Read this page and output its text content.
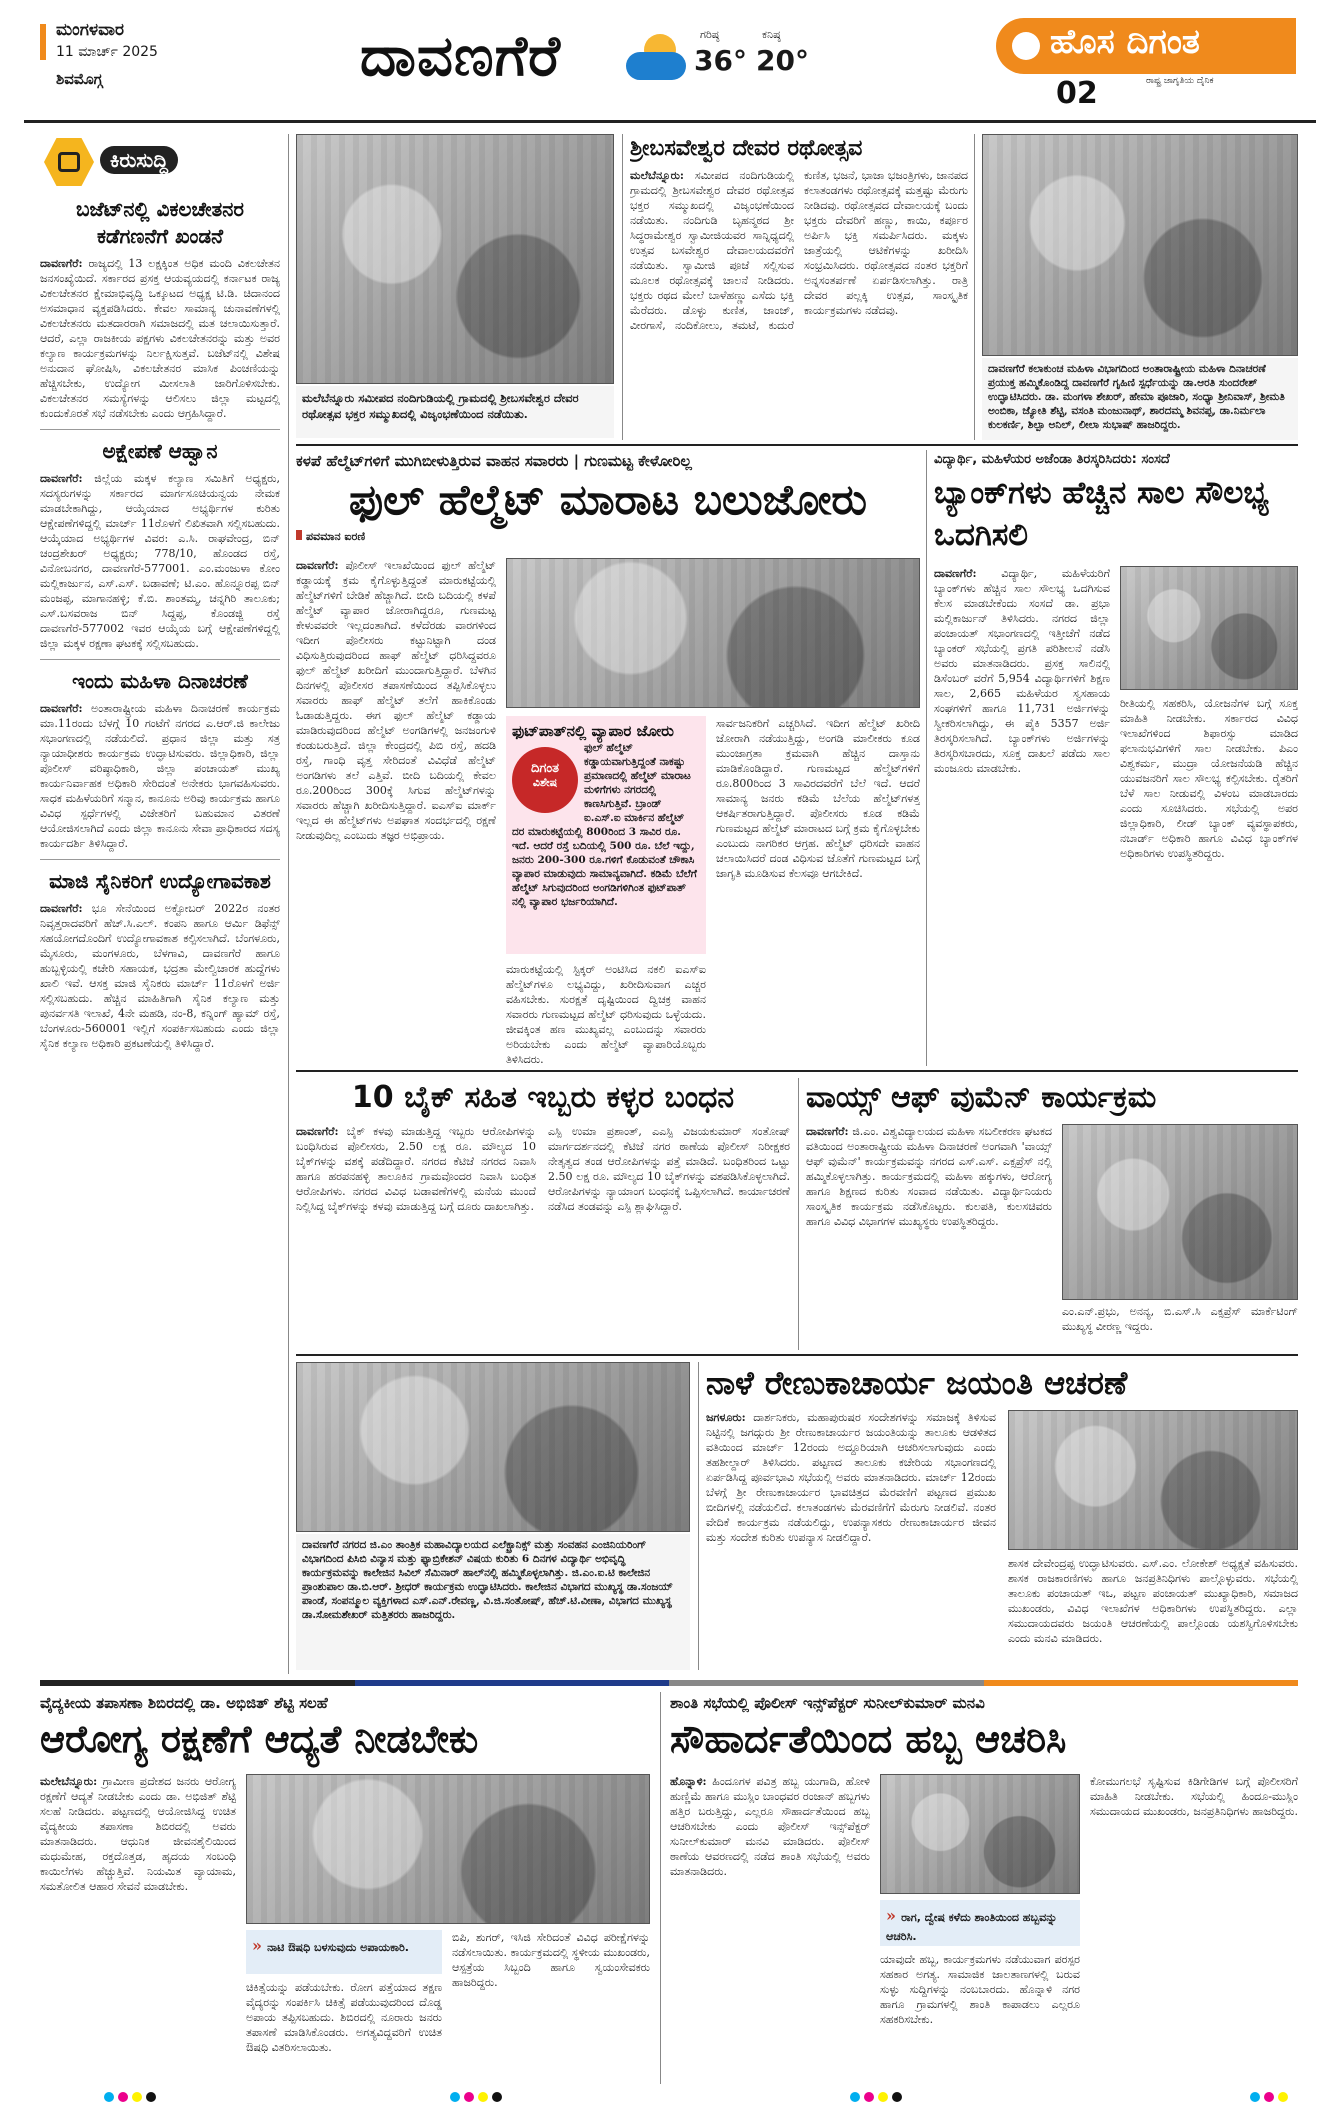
ಮಂಗಳವಾರ
11 ಮಾರ್ಚ್ 2025
ಶಿವಮೊಗ್ಗ	ದಾವಣಗೆರೆ	ಗರಿಷ್ಠ
36°
ಕನಿಷ್ಠ
20°	ಹೊಸ ದಿಗಂತ
ರಾಷ್ಟ್ರ ಜಾಗೃತಿಯ ದೈನಿಕ
02
ಕಿರುಸುದ್ದಿ
ಬಜೆಟ್‌ನಲ್ಲಿ ವಿಕಲಚೇತನರ ಕಡೆಗಣನೆಗೆ ಖಂಡನೆ
ದಾವಣಗೆರೆ: ರಾಜ್ಯದಲ್ಲಿ 13 ಲಕ್ಷಕ್ಕಿಂತ ಅಧಿಕ ಮಂದಿ ವಿಕಲಚೇತನ ಜನಸಂಖ್ಯೆಯಿದೆ. ಸರ್ಕಾರದ ಪ್ರಸಕ್ತ ಆಯವ್ಯಯದಲ್ಲಿ ಕರ್ನಾಟಕ ರಾಜ್ಯ ವಿಕಲಚೇತನರ ಕ್ಷೇಮಾಭಿವೃದ್ಧಿ ಒಕ್ಕೂಟದ ಅಧ್ಯಕ್ಷ ಟಿ.ಡಿ. ಚಿದಾನಂದ ಅಸಮಾಧಾನ ವ್ಯಕ್ತಪಡಿಸಿದರು. ಕೇವಲ ಸಾಮಾನ್ಯ ಚುನಾವಣೆಗಳಲ್ಲಿ ವಿಕಲಚೇತನರು ಮತದಾರರಾಗಿ ಸಮಾಜದಲ್ಲಿ ಮತ ಚಲಾಯಿಸುತ್ತಾರೆ. ಆದರೆ, ಎಲ್ಲಾ ರಾಜಕೀಯ ಪಕ್ಷಗಳು ವಿಕಲಚೇತನರನ್ನು ಮತ್ತು ಅವರ ಕಲ್ಯಾಣ ಕಾರ್ಯಕ್ರಮಗಳನ್ನು ನಿರ್ಲಕ್ಷಿಸುತ್ತವೆ. ಬಜೆಟ್‌ನಲ್ಲಿ ವಿಶೇಷ ಅನುದಾನ ಘೋಷಿಸಿ, ವಿಕಲಚೇತನರ ಮಾಸಿಕ ಪಿಂಚಣಿಯನ್ನು ಹೆಚ್ಚಿಸಬೇಕು, ಉದ್ಯೋಗ ಮೀಸಲಾತಿ ಜಾರಿಗೊಳಿಸಬೇಕು. ವಿಕಲಚೇತನರ ಸಮಸ್ಯೆಗಳನ್ನು ಆಲಿಸಲು ಜಿಲ್ಲಾ ಮಟ್ಟದಲ್ಲಿ ಕುಂದುಕೊರತೆ ಸಭೆ ನಡೆಸಬೇಕು ಎಂದು ಆಗ್ರಹಿಸಿದ್ದಾರೆ.
ಅಕ್ಷೇಪಣೆ ಆಹ್ವಾನ
ದಾವಣಗೆರೆ: ಜಿಲ್ಲೆಯ ಮಕ್ಕಳ ಕಲ್ಯಾಣ ಸಮಿತಿಗೆ ಅಧ್ಯಕ್ಷರು, ಸದಸ್ಯರುಗಳನ್ನು ಸರ್ಕಾರದ ಮಾರ್ಗಸೂಚಿಯನ್ವಯ ನೇಮಕ ಮಾಡಬೇಕಾಗಿದ್ದು, ಆಯ್ಕೆಯಾದ ಅಭ್ಯರ್ಥಿಗಳ ಕುರಿತು ಆಕ್ಷೇಪಣೆಗಳಿದ್ದಲ್ಲಿ ಮಾರ್ಚ್ 11ರೊಳಗೆ ಲಿಖಿತವಾಗಿ ಸಲ್ಲಿಸಬಹುದು. ಆಯ್ಕೆಯಾದ ಅಭ್ಯರ್ಥಿಗಳ ವಿವರ: ಎ.ಸಿ. ರಾಘವೇಂದ್ರ, ಬಿನ್ ಚಂದ್ರಶೇಖರ್ ಅಧ್ಯಕ್ಷರು; 778/10, ಹೊಂಡದ ರಸ್ತೆ, ವಿನೋಬನಗರ, ದಾವಣಗೆರೆ-577001. ಎಂ.ಮಂಜುಳಾ ಕೋಂ ಮಲ್ಲಿಕಾರ್ಜುನ, ಎಸ್.ಎಸ್. ಬಡಾವಣೆ; ಟಿ.ಎಂ. ಹೊನ್ನೂರಪ್ಪ ಬಿನ್ ಮಂಜಪ್ಪ, ಮಾಗಾನಹಳ್ಳಿ; ಕೆ.ಬಿ. ಶಾಂತಮ್ಮ, ಚನ್ನಗಿರಿ ತಾಲೂಕು; ಎಸ್.ಬಸವರಾಜ ಬಿನ್ ಸಿದ್ದಪ್ಪ, ಕೊಂಡಜ್ಜಿ ರಸ್ತೆ ದಾವಣಗೆರೆ-577002 ಇವರ ಆಯ್ಕೆಯ ಬಗ್ಗೆ ಆಕ್ಷೇಪಣೆಗಳಿದ್ದಲ್ಲಿ ಜಿಲ್ಲಾ ಮಕ್ಕಳ ರಕ್ಷಣಾ ಘಟಕಕ್ಕೆ ಸಲ್ಲಿಸಬಹುದು.
ಇಂದು ಮಹಿಳಾ ದಿನಾಚರಣೆ
ದಾವಣಗೆರೆ: ಅಂತಾರಾಷ್ಟ್ರೀಯ ಮಹಿಳಾ ದಿನಾಚರಣೆ ಕಾರ್ಯಕ್ರಮ ಮಾ.11ರಂದು ಬೆಳಗ್ಗೆ 10 ಗಂಟೆಗೆ ನಗರದ ಎ.ಆರ್.ಜಿ ಕಾಲೇಜು ಸಭಾಂಗಣದಲ್ಲಿ ನಡೆಯಲಿದೆ. ಪ್ರಧಾನ ಜಿಲ್ಲಾ ಮತ್ತು ಸತ್ರ ನ್ಯಾಯಾಧೀಶರು ಕಾರ್ಯಕ್ರಮ ಉದ್ಘಾಟಿಸುವರು. ಜಿಲ್ಲಾಧಿಕಾರಿ, ಜಿಲ್ಲಾ ಪೊಲೀಸ್ ವರಿಷ್ಠಾಧಿಕಾರಿ, ಜಿಲ್ಲಾ ಪಂಚಾಯತ್ ಮುಖ್ಯ ಕಾರ್ಯನಿರ್ವಾಹಕ ಅಧಿಕಾರಿ ಸೇರಿದಂತೆ ಅನೇಕರು ಭಾಗವಹಿಸುವರು. ಸಾಧಕ ಮಹಿಳೆಯರಿಗೆ ಸನ್ಮಾನ, ಕಾನೂನು ಅರಿವು ಕಾರ್ಯಕ್ರಮ ಹಾಗೂ ವಿವಿಧ ಸ್ಪರ್ಧೆಗಳಲ್ಲಿ ವಿಜೇತರಿಗೆ ಬಹುಮಾನ ವಿತರಣೆ ಆಯೋಜಿಸಲಾಗಿದೆ ಎಂದು ಜಿಲ್ಲಾ ಕಾನೂನು ಸೇವಾ ಪ್ರಾಧಿಕಾರದ ಸದಸ್ಯ ಕಾರ್ಯದರ್ಶಿ ತಿಳಿಸಿದ್ದಾರೆ.
ಮಾಜಿ ಸೈನಿಕರಿಗೆ ಉದ್ಯೋಗಾವಕಾಶ
ದಾವಣಗೆರೆ: ಭೂ ಸೇನೆಯಿಂದ ಅಕ್ಟೋಬರ್ 2022ರ ನಂತರ ನಿವೃತ್ತರಾದವರಿಗೆ ಹೆಚ್.ಸಿ.ಎಲ್. ಕಂಪನಿ ಹಾಗೂ ಆರ್ಮಿ ಡಿಫೆನ್ಸ್ ಸಹಯೋಗದೊಂದಿಗೆ ಉದ್ಯೋಗಾವಕಾಶ ಕಲ್ಪಿಸಲಾಗಿದೆ. ಬೆಂಗಳೂರು, ಮೈಸೂರು, ಮಂಗಳೂರು, ಬೆಳಗಾವಿ, ದಾವಣಗೆರೆ ಹಾಗೂ ಹುಬ್ಬಳ್ಳಿಯಲ್ಲಿ ಕಚೇರಿ ಸಹಾಯಕ, ಭದ್ರತಾ ಮೇಲ್ವಿಚಾರಕ ಹುದ್ದೆಗಳು ಖಾಲಿ ಇವೆ. ಆಸಕ್ತ ಮಾಜಿ ಸೈನಿಕರು ಮಾರ್ಚ್ 11ರೊಳಗೆ ಅರ್ಜಿ ಸಲ್ಲಿಸಬಹುದು. ಹೆಚ್ಚಿನ ಮಾಹಿತಿಗಾಗಿ ಸೈನಿಕ ಕಲ್ಯಾಣ ಮತ್ತು ಪುನರ್ವಸತಿ ಇಲಾಖೆ, 4ನೇ ಮಹಡಿ, ನಂ-8, ಕನ್ನಿಂಗ್ ಹ್ಯಾಮ್ ರಸ್ತೆ, ಬೆಂಗಳೂರು-560001 ಇಲ್ಲಿಗೆ ಸಂಪರ್ಕಿಸಬಹುದು ಎಂದು ಜಿಲ್ಲಾ ಸೈನಿಕ ಕಲ್ಯಾಣ ಅಧಿಕಾರಿ ಪ್ರಕಟಣೆಯಲ್ಲಿ ತಿಳಿಸಿದ್ದಾರೆ.
ಮಲೆಬೆನ್ನೂರು ಸಮೀಪದ ನಂದಿಗುಡಿಯಲ್ಲಿ ಗ್ರಾಮದಲ್ಲಿ ಶ್ರೀಬಸವೇಶ್ವರ ದೇವರ ರಥೋತ್ಸವ ಭಕ್ತರ ಸಮ್ಮುಖದಲ್ಲಿ ವಿಜೃಂಭಣೆಯಿಂದ ನಡೆಯಿತು.
ಶ್ರೀಬಸವೇಶ್ವರ ದೇವರ ರಥೋತ್ಸವ
ಮಲೆಬೆನ್ನೂರು: ಸಮೀಪದ ನಂದಿಗುಡಿಯಲ್ಲಿ ಗ್ರಾಮದಲ್ಲಿ ಶ್ರೀಬಸವೇಶ್ವರ ದೇವರ ರಥೋತ್ಸವ ಭಕ್ತರ ಸಮ್ಮುಖದಲ್ಲಿ ವಿಜೃಂಭಣೆಯಿಂದ ನಡೆಯಿತು. ನಂದಿಗುಡಿ ಬೃಹನ್ಮಠದ ಶ್ರೀ ಸಿದ್ಧರಾಮೇಶ್ವರ ಸ್ವಾಮೀಜಿಯವರ ಸಾನ್ನಿಧ್ಯದಲ್ಲಿ ಉತ್ಸವ ಬಸವೇಶ್ವರ ದೇವಾಲಯದವರೆಗೆ ನಡೆಯಿತು. ಸ್ವಾಮೀಜಿ ಪೂಜೆ ಸಲ್ಲಿಸುವ ಮೂಲಕ ರಥೋತ್ಸವಕ್ಕೆ ಚಾಲನೆ ನೀಡಿದರು. ಭಕ್ತರು ರಥದ ಮೇಲೆ ಬಾಳೆಹಣ್ಣು ಎಸೆದು ಭಕ್ತಿ ಮೆರೆದರು. ಡೊಳ್ಳು ಕುಣಿತ, ಜಾಂಜ್, ವೀರಗಾಸೆ, ನಂದಿಕೋಲು, ತಮಟೆ, ಕುದುರೆ ಕುಣಿತ, ಭಜನೆ, ಭಾಜಾ ಭಜಂತ್ರಿಗಳು, ಜಾನಪದ ಕಲಾತಂಡಗಳು ರಥೋತ್ಸವಕ್ಕೆ ಮತ್ತಷ್ಟು ಮೆರುಗು ನೀಡಿದವು. ರಥೋತ್ಸವದ ದೇವಾಲಯಕ್ಕೆ ಬಂದು ಭಕ್ತರು ದೇವರಿಗೆ ಹಣ್ಣು, ಕಾಯಿ, ಕರ್ಪೂರ ಅರ್ಪಿಸಿ ಭಕ್ತಿ ಸಮರ್ಪಿಸಿದರು. ಮಕ್ಕಳು ಜಾತ್ರೆಯಲ್ಲಿ ಆಟಿಕೆಗಳನ್ನು ಖರೀದಿಸಿ ಸಂಭ್ರಮಿಸಿದರು. ರಥೋತ್ಸವದ ನಂತರ ಭಕ್ತರಿಗೆ ಅನ್ನಸಂತರ್ಪಣೆ ಏರ್ಪಡಿಸಲಾಗಿತ್ತು. ರಾತ್ರಿ ದೇವರ ಪಲ್ಲಕ್ಕಿ ಉತ್ಸವ, ಸಾಂಸ್ಕೃತಿಕ ಕಾರ್ಯಕ್ರಮಗಳು ನಡೆದವು.
ದಾವಣಗೆರೆ ಕಲಾಕುಂಚ ಮಹಿಳಾ ವಿಭಾಗದಿಂದ ಅಂತಾರಾಷ್ಟ್ರೀಯ ಮಹಿಳಾ ದಿನಾಚರಣೆ ಪ್ರಯುಕ್ತ ಹಮ್ಮಿಕೊಂಡಿದ್ದ ದಾವಣಗೆರೆ ಗೃಹಿಣಿ ಸ್ಪರ್ಧೆಯನ್ನು ಡಾ.ಆರತಿ ಸುಂದರೇಶ್ ಉದ್ಘಾಟಿಸಿದರು. ಡಾ. ಮಂಗಳಾ ಶೇಖರ್, ಹೇಮಾ ಪೂಜಾರಿ, ಸಂಧ್ಯಾ ಶ್ರೀನಿವಾಸ್, ಶ್ರೀಮತಿ ಅಂಬಿಕಾ, ಜ್ಯೋತಿ ಶೆಟ್ಟಿ, ವಸಂತಿ ಮಂಜುನಾಥ್, ಶಾರದಮ್ಮ ಶಿವನಪ್ಪ, ಡಾ.ನಿರ್ಮಲಾ ಕುಲಕರ್ಣಿ, ಶಿಲ್ಪಾ ಅನಿಲ್, ಲೀಲಾ ಸುಭಾಷ್ ಹಾಜರಿದ್ದರು.
ಕಳಪೆ ಹೆಲ್ಮೆಟ್‌ಗಳಿಗೆ ಮುಗಿಬೀಳುತ್ತಿರುವ ವಾಹನ ಸವಾರರು | ಗುಣಮಟ್ಟ ಕೇಳೋರಿಲ್ಲ
ಫುಲ್ ಹೆಲ್ಮೆಟ್ ಮಾರಾಟ ಬಲುಜೋರು
ಪವಮಾನ ಐರಣಿ
ದಾವಣಗೆರೆ: ಪೊಲೀಸ್ ಇಲಾಖೆಯಿಂದ ಫುಲ್ ಹೆಲ್ಮೆಟ್ ಕಡ್ಡಾಯಕ್ಕೆ ಕ್ರಮ ಕೈಗೊಳ್ಳುತ್ತಿದ್ದಂತೆ ಮಾರುಕಟ್ಟೆಯಲ್ಲಿ ಹೆಲ್ಮೆಟ್‌ಗಳಿಗೆ ಬೇಡಿಕೆ ಹೆಚ್ಚಾಗಿದೆ. ಬೀದಿ ಬದಿಯಲ್ಲಿ ಕಳಪೆ ಹೆಲ್ಮೆಟ್ ವ್ಯಾಪಾರ ಜೋರಾಗಿದ್ದರೂ, ಗುಣಮಟ್ಟ ಕೇಳುವವರೇ ಇಲ್ಲದಂತಾಗಿದೆ. ಕಳೆದೆರಡು ವಾರಗಳಿಂದ ಇದೀಗ ಪೊಲೀಸರು ಕಟ್ಟುನಿಟ್ಟಾಗಿ ದಂಡ ವಿಧಿಸುತ್ತಿರುವುದರಿಂದ ಹಾಫ್ ಹೆಲ್ಮೆಟ್ ಧರಿಸಿದ್ದವರೂ ಫುಲ್ ಹೆಲ್ಮೆಟ್ ಖರೀದಿಗೆ ಮುಂದಾಗುತ್ತಿದ್ದಾರೆ. ಬೆಳಗಿನ ದಿನಗಳಲ್ಲಿ ಪೊಲೀಸರ ತಪಾಸಣೆಯಿಂದ ತಪ್ಪಿಸಿಕೊಳ್ಳಲು ಸವಾರರು ಹಾಫ್ ಹೆಲ್ಮೆಟ್ ತಲೆಗೆ ಹಾಕಿಕೊಂಡು ಓಡಾಡುತ್ತಿದ್ದರು. ಈಗ ಫುಲ್ ಹೆಲ್ಮೆಟ್ ಕಡ್ಡಾಯ ಮಾಡಿರುವುದರಿಂದ ಹೆಲ್ಮೆಟ್ ಅಂಗಡಿಗಳಲ್ಲಿ ಜನಜಂಗುಳಿ ಕಂಡುಬರುತ್ತಿದೆ. ಜಿಲ್ಲಾ ಕೇಂದ್ರದಲ್ಲಿ ಪಿಬಿ ರಸ್ತೆ, ಹದಡಿ ರಸ್ತೆ, ಗಾಂಧಿ ವೃತ್ತ ಸೇರಿದಂತೆ ವಿವಿಧೆಡೆ ಹೆಲ್ಮೆಟ್ ಅಂಗಡಿಗಳು ತಲೆ ಎತ್ತಿವೆ. ಬೀದಿ ಬದಿಯಲ್ಲಿ ಕೇವಲ ರೂ.200ರಿಂದ 300ಕ್ಕೆ ಸಿಗುವ ಹೆಲ್ಮೆಟ್‌ಗಳನ್ನು ಸವಾರರು ಹೆಚ್ಚಾಗಿ ಖರೀದಿಸುತ್ತಿದ್ದಾರೆ. ಐಎಸ್‌ಐ ಮಾರ್ಕ್ ಇಲ್ಲದ ಈ ಹೆಲ್ಮೆಟ್‌ಗಳು ಅಪಘಾತ ಸಂದರ್ಭದಲ್ಲಿ ರಕ್ಷಣೆ ನೀಡುವುದಿಲ್ಲ ಎಂಬುದು ತಜ್ಞರ ಅಭಿಪ್ರಾಯ.
ಫುಟ್‌ಪಾತ್‌ನಲ್ಲಿ ವ್ಯಾಪಾರ ಜೋರು
ದಿಗಂತ
ವಿಶೇಷ
ಫುಲ್ ಹೆಲ್ಮೆಟ್ ಕಡ್ಡಾಯವಾಗುತ್ತಿದ್ದಂತೆ ನಾಕಷ್ಟು ಪ್ರಮಾಣದಲ್ಲಿ ಹೆಲ್ಮೆಟ್ ಮಾರಾಟ ಮಳಿಗೆಗಳು ನಗರದಲ್ಲಿ ಕಾಣಸಿಗುತ್ತಿವೆ. ಬ್ರಾಂಡ್ ಐ.ಎಸ್.ಐ ಮಾರ್ಕಿನ ಹೆಲ್ಮೆಟ್ ದರ ಮಾರುಕಟ್ಟೆಯಲ್ಲಿ 800ರಿಂದ 3 ಸಾವಿರ ರೂ. ಇದೆ. ಆದರೆ ರಸ್ತೆ ಬದಿಯಲ್ಲಿ 500 ರೂ. ಬೆಲೆ ಇದ್ದು, ಜನರು 200-300 ರೂ.ಗಳಿಗೆ ಕೊಡುವಂತೆ ಚೌಕಾಸಿ ವ್ಯಾಪಾರ ಮಾಡುವುದು ಸಾಮಾನ್ಯವಾಗಿದೆ. ಕಡಿಮೆ ಬೆಲೆಗೆ ಹೆಲ್ಮೆಟ್ ಸಿಗುವುದರಿಂದ ಅಂಗಡಿಗಳಿಗಿಂತ ಫುಟ್‌ಪಾತ್ ನಲ್ಲಿ ವ್ಯಾಪಾರ ಭರ್ಜರಿಯಾಗಿದೆ.
ಮಾರುಕಟ್ಟೆಯಲ್ಲಿ ಸ್ಟಿಕ್ಕರ್ ಅಂಟಿಸಿದ ನಕಲಿ ಐಎಸ್‌ಐ ಹೆಲ್ಮೆಟ್‌ಗಳೂ ಲಭ್ಯವಿದ್ದು, ಖರೀದಿಸುವಾಗ ಎಚ್ಚರ ವಹಿಸಬೇಕು. ಸುರಕ್ಷತೆ ದೃಷ್ಟಿಯಿಂದ ದ್ವಿಚಕ್ರ ವಾಹನ ಸವಾರರು ಗುಣಮಟ್ಟದ ಹೆಲ್ಮೆಟ್ ಧರಿಸುವುದು ಒಳ್ಳೆಯದು. ಜೀವಕ್ಕಿಂತ ಹಣ ಮುಖ್ಯವಲ್ಲ ಎಂಬುದನ್ನು ಸವಾರರು ಅರಿಯಬೇಕು ಎಂದು ಹೆಲ್ಮೆಟ್ ವ್ಯಾಪಾರಿಯೊಬ್ಬರು ತಿಳಿಸಿದರು.
ಸಾರ್ವಜನಿಕರಿಗೆ ಎಚ್ಚರಿಸಿದೆ. ಇದೀಗ ಹೆಲ್ಮೆಟ್ ಖರೀದಿ ಜೋರಾಗಿ ನಡೆಯುತ್ತಿದ್ದು, ಅಂಗಡಿ ಮಾಲೀಕರು ಕೂಡ ಮುಂಜಾಗ್ರತಾ ಕ್ರಮವಾಗಿ ಹೆಚ್ಚಿನ ದಾಸ್ತಾನು ಮಾಡಿಕೊಂಡಿದ್ದಾರೆ. ಗುಣಮಟ್ಟದ ಹೆಲ್ಮೆಟ್‌ಗಳಿಗೆ ರೂ.800ರಿಂದ 3 ಸಾವಿರದವರೆಗೆ ಬೆಲೆ ಇದೆ. ಆದರೆ ಸಾಮಾನ್ಯ ಜನರು ಕಡಿಮೆ ಬೆಲೆಯ ಹೆಲ್ಮೆಟ್‌ಗಳತ್ತ ಆಕರ್ಷಿತರಾಗುತ್ತಿದ್ದಾರೆ. ಪೊಲೀಸರು ಕೂಡ ಕಡಿಮೆ ಗುಣಮಟ್ಟದ ಹೆಲ್ಮೆಟ್ ಮಾರಾಟದ ಬಗ್ಗೆ ಕ್ರಮ ಕೈಗೊಳ್ಳಬೇಕು ಎಂಬುದು ನಾಗರಿಕರ ಆಗ್ರಹ. ಹೆಲ್ಮೆಟ್ ಧರಿಸದೇ ವಾಹನ ಚಲಾಯಿಸಿದರೆ ದಂಡ ವಿಧಿಸುವ ಜೊತೆಗೆ ಗುಣಮಟ್ಟದ ಬಗ್ಗೆ ಜಾಗೃತಿ ಮೂಡಿಸುವ ಕೆಲಸವೂ ಆಗಬೇಕಿದೆ.
ವಿದ್ಯಾರ್ಥಿ, ಮಹಿಳೆಯರ ಅಜೆಂಡಾ ತಿರಸ್ಕರಿಸಿದರು: ಸಂಸದೆ
ಬ್ಯಾಂಕ್‌ಗಳು ಹೆಚ್ಚಿನ ಸಾಲ ಸೌಲಭ್ಯ ಒದಗಿಸಲಿ
ದಾವಣಗೆರೆ: ವಿದ್ಯಾರ್ಥಿ, ಮಹಿಳೆಯರಿಗೆ ಬ್ಯಾಂಕ್‌ಗಳು ಹೆಚ್ಚಿನ ಸಾಲ ಸೌಲಭ್ಯ ಒದಗಿಸುವ ಕೆಲಸ ಮಾಡಬೇಕೆಂದು ಸಂಸದೆ ಡಾ. ಪ್ರಭಾ ಮಲ್ಲಿಕಾರ್ಜುನ್ ತಿಳಿಸಿದರು. ನಗರದ ಜಿಲ್ಲಾ ಪಂಚಾಯತ್ ಸಭಾಂಗಣದಲ್ಲಿ ಇತ್ತೀಚೆಗೆ ನಡೆದ ಬ್ಯಾಂಕರ್ ಸಭೆಯಲ್ಲಿ ಪ್ರಗತಿ ಪರಿಶೀಲನೆ ನಡೆಸಿ ಅವರು ಮಾತನಾಡಿದರು. ಪ್ರಸಕ್ತ ಸಾಲಿನಲ್ಲಿ ಡಿಸೆಂಬರ್ ವರೆಗೆ 5,954 ವಿದ್ಯಾರ್ಥಿಗಳಿಗೆ ಶಿಕ್ಷಣ ಸಾಲ, 2,665 ಮಹಿಳೆಯರ ಸ್ವಸಹಾಯ ಸಂಘಗಳಿಗೆ ಹಾಗೂ 11,731 ಅರ್ಜಿಗಳನ್ನು ಸ್ವೀಕರಿಸಲಾಗಿದ್ದು, ಈ ಪೈಕಿ 5357 ಅರ್ಜಿ ತಿರಸ್ಕರಿಸಲಾಗಿದೆ. ಬ್ಯಾಂಕ್‌ಗಳು ಅರ್ಜಿಗಳನ್ನು ತಿರಸ್ಕರಿಸಬಾರದು, ಸೂಕ್ತ ದಾಖಲೆ ಪಡೆದು ಸಾಲ ಮಂಜೂರು ಮಾಡಬೇಕು.
ರೀತಿಯಲ್ಲಿ ಸಹಕರಿಸಿ, ಯೋಜನೆಗಳ ಬಗ್ಗೆ ಸೂಕ್ತ ಮಾಹಿತಿ ನೀಡಬೇಕು. ಸರ್ಕಾರದ ವಿವಿಧ ಇಲಾಖೆಗಳಿಂದ ಶಿಫಾರಸ್ಸು ಮಾಡಿದ ಫಲಾನುಭವಿಗಳಿಗೆ ಸಾಲ ನೀಡಬೇಕು. ಪಿಎಂ ವಿಶ್ವಕರ್ಮ, ಮುದ್ರಾ ಯೋಜನೆಯಡಿ ಹೆಚ್ಚಿನ ಯುವಜನರಿಗೆ ಸಾಲ ಸೌಲಭ್ಯ ಕಲ್ಪಿಸಬೇಕು. ರೈತರಿಗೆ ಬೆಳೆ ಸಾಲ ನೀಡುವಲ್ಲಿ ವಿಳಂಬ ಮಾಡಬಾರದು ಎಂದು ಸೂಚಿಸಿದರು. ಸಭೆಯಲ್ಲಿ ಅಪರ ಜಿಲ್ಲಾಧಿಕಾರಿ, ಲೀಡ್ ಬ್ಯಾಂಕ್ ವ್ಯವಸ್ಥಾಪಕರು, ನಬಾರ್ಡ್ ಅಧಿಕಾರಿ ಹಾಗೂ ವಿವಿಧ ಬ್ಯಾಂಕ್‌ಗಳ ಅಧಿಕಾರಿಗಳು ಉಪಸ್ಥಿತರಿದ್ದರು.
10 ಬೈಕ್ ಸಹಿತ ಇಬ್ಬರು ಕಳ್ಳರ ಬಂಧನ
ದಾವಣಗೆರೆ: ಬೈಕ್ ಕಳವು ಮಾಡುತ್ತಿದ್ದ ಇಬ್ಬರು ಆರೋಪಿಗಳನ್ನು ಬಂಧಿಸಿರುವ ಪೊಲೀಸರು, 2.50 ಲಕ್ಷ ರೂ. ಮೌಲ್ಯದ 10 ಬೈಕ್‌ಗಳನ್ನು ವಶಕ್ಕೆ ಪಡೆದಿದ್ದಾರೆ. ನಗರದ ಕೆಟಿಜೆ ನಗರದ ನಿವಾಸಿ ಹಾಗೂ ಹರಪನಹಳ್ಳಿ ತಾಲೂಕಿನ ಗ್ರಾಮವೊಂದರ ನಿವಾಸಿ ಬಂಧಿತ ಆರೋಪಿಗಳು. ನಗರದ ವಿವಿಧ ಬಡಾವಣೆಗಳಲ್ಲಿ ಮನೆಯ ಮುಂದೆ ನಿಲ್ಲಿಸಿದ್ದ ಬೈಕ್‌ಗಳನ್ನು ಕಳವು ಮಾಡುತ್ತಿದ್ದ ಬಗ್ಗೆ ದೂರು ದಾಖಲಾಗಿತ್ತು.
ಎಸ್ಪಿ ಉಮಾ ಪ್ರಶಾಂತ್, ಎಎಸ್ಪಿ ವಿಜಯಕುಮಾರ್ ಸಂತೋಷ್ ಮಾರ್ಗದರ್ಶನದಲ್ಲಿ ಕೆಟಿಜೆ ನಗರ ಠಾಣೆಯ ಪೊಲೀಸ್ ನಿರೀಕ್ಷಕರ ನೇತೃತ್ವದ ತಂಡ ಆರೋಪಿಗಳನ್ನು ಪತ್ತೆ ಮಾಡಿದೆ. ಬಂಧಿತರಿಂದ ಒಟ್ಟು 2.50 ಲಕ್ಷ ರೂ. ಮೌಲ್ಯದ 10 ಬೈಕ್‌ಗಳನ್ನು ವಶಪಡಿಸಿಕೊಳ್ಳಲಾಗಿದೆ. ಆರೋಪಿಗಳನ್ನು ನ್ಯಾಯಾಂಗ ಬಂಧನಕ್ಕೆ ಒಪ್ಪಿಸಲಾಗಿದೆ. ಕಾರ್ಯಾಚರಣೆ ನಡೆಸಿದ ತಂಡವನ್ನು ಎಸ್ಪಿ ಶ್ಲಾಘಿಸಿದ್ದಾರೆ.
ವಾಯ್ಸ್ ಆಫ್ ವುಮೆನ್ ಕಾರ್ಯಕ್ರಮ
ದಾವಣಗೆರೆ: ಜಿ.ಎಂ. ವಿಶ್ವವಿದ್ಯಾಲಯದ ಮಹಿಳಾ ಸಬಲೀಕರಣ ಘಟಕದ ವತಿಯಿಂದ ಅಂತಾರಾಷ್ಟ್ರೀಯ ಮಹಿಳಾ ದಿನಾಚರಣೆ ಅಂಗವಾಗಿ 'ವಾಯ್ಸ್ ಆಫ್ ವುಮೆನ್' ಕಾರ್ಯಕ್ರಮವನ್ನು ನಗರದ ಎಸ್.ಎಸ್. ಎಕ್ಸಪ್ರೆಸ್ ನಲ್ಲಿ ಹಮ್ಮಿಕೊಳ್ಳಲಾಗಿತ್ತು. ಕಾರ್ಯಕ್ರಮದಲ್ಲಿ ಮಹಿಳಾ ಹಕ್ಕುಗಳು, ಆರೋಗ್ಯ ಹಾಗೂ ಶಿಕ್ಷಣದ ಕುರಿತು ಸಂವಾದ ನಡೆಯಿತು. ವಿದ್ಯಾರ್ಥಿನಿಯರು ಸಾಂಸ್ಕೃತಿಕ ಕಾರ್ಯಕ್ರಮ ನಡೆಸಿಕೊಟ್ಟರು. ಕುಲಪತಿ, ಕುಲಸಚಿವರು ಹಾಗೂ ವಿವಿಧ ವಿಭಾಗಗಳ ಮುಖ್ಯಸ್ಥರು ಉಪಸ್ಥಿತರಿದ್ದರು.
ಎಂ.ಎನ್.ಪ್ರಭು, ಅನನ್ಯ, ಬಿ.ಎಸ್.ಸಿ ಎಕ್ಸಪ್ರೆಸ್ ಮಾರ್ಕೆಟಿಂಗ್ ಮುಖ್ಯಸ್ಥ ವೀರಣ್ಣ ಇದ್ದರು.
ದಾವಣಗೆರೆ ನಗರದ ಜಿ.ಎಂ ತಾಂತ್ರಿಕ ಮಹಾವಿದ್ಯಾಲಯದ ಎಲೆಕ್ಟ್ರಾನಿಕ್ಸ್ ಮತ್ತು ಸಂವಹನ ಎಂಜಿನಿಯರಿಂಗ್ ವಿಭಾಗದಿಂದ ಪಿಸಿಬಿ ವಿನ್ಯಾಸ ಮತ್ತು ಫ್ಯಾಬ್ರಿಕೇಶನ್ ವಿಷಯ ಕುರಿತು 6 ದಿನಗಳ ವಿದ್ಯಾರ್ಥಿ ಅಭಿವೃದ್ಧಿ ಕಾರ್ಯಕ್ರಮವನ್ನು ಕಾಲೇಜಿನ ಸಿವಿಲ್ ಸೆಮಿನಾರ್ ಹಾಲ್‌ನಲ್ಲಿ ಹಮ್ಮಿಕೊಳ್ಳಲಾಗಿತ್ತು. ಜಿ.ಎಂ.ಐ.ಟಿ ಕಾಲೇಜಿನ ಪ್ರಾಂಶುಪಾಲ ಡಾ.ಬಿ.ಆರ್. ಶ್ರೀಧರ್ ಕಾರ್ಯಕ್ರಮ ಉದ್ಘಾಟಿಸಿದರು. ಕಾಲೇಜಿನ ವಿಭಾಗದ ಮುಖ್ಯಸ್ಥ ಡಾ.ಸಂಜಯ್ ಪಾಂಡೆ, ಸಂಪನ್ಮೂಲ ವ್ಯಕ್ತಿಗಳಾದ ಎಸ್.ಎನ್.ರೇವಣ್ಣ, ವಿ.ಜಿ.ಸಂತೋಷ್, ಹೆಚ್.ಟಿ.ವೀಣಾ, ವಿಭಾಗದ ಮುಖ್ಯಸ್ಥ ಡಾ.ಸೋಮಶೇಖರ್ ಮತ್ತಿತರರು ಹಾಜರಿದ್ದರು.
ನಾಳೆ ರೇಣುಕಾಚಾರ್ಯ ಜಯಂತಿ ಆಚರಣೆ
ಜಗಳೂರು: ದಾರ್ಶನಿಕರು, ಮಹಾಪುರುಷರ ಸಂದೇಶಗಳನ್ನು ಸಮಾಜಕ್ಕೆ ತಿಳಿಸುವ ನಿಟ್ಟಿನಲ್ಲಿ ಜಗದ್ಗುರು ಶ್ರೀ ರೇಣುಕಾಚಾರ್ಯರ ಜಯಂತಿಯನ್ನು ತಾಲೂಕು ಆಡಳಿತದ ವತಿಯಿಂದ ಮಾರ್ಚ್ 12ರಂದು ಅದ್ದೂರಿಯಾಗಿ ಆಚರಿಸಲಾಗುವುದು ಎಂದು ತಹಶೀಲ್ದಾರ್ ತಿಳಿಸಿದರು. ಪಟ್ಟಣದ ತಾಲೂಕು ಕಚೇರಿಯ ಸಭಾಂಗಣದಲ್ಲಿ ಏರ್ಪಡಿಸಿದ್ದ ಪೂರ್ವಭಾವಿ ಸಭೆಯಲ್ಲಿ ಅವರು ಮಾತನಾಡಿದರು. ಮಾರ್ಚ್ 12ರಂದು ಬೆಳಗ್ಗೆ ಶ್ರೀ ರೇಣುಕಾಚಾರ್ಯರ ಭಾವಚಿತ್ರದ ಮೆರವಣಿಗೆ ಪಟ್ಟಣದ ಪ್ರಮುಖ ಬೀದಿಗಳಲ್ಲಿ ನಡೆಯಲಿದೆ. ಕಲಾತಂಡಗಳು ಮೆರವಣಿಗೆಗೆ ಮೆರುಗು ನೀಡಲಿವೆ. ನಂತರ ವೇದಿಕೆ ಕಾರ್ಯಕ್ರಮ ನಡೆಯಲಿದ್ದು, ಉಪನ್ಯಾಸಕರು ರೇಣುಕಾಚಾರ್ಯರ ಜೀವನ ಮತ್ತು ಸಂದೇಶ ಕುರಿತು ಉಪನ್ಯಾಸ ನೀಡಲಿದ್ದಾರೆ.
ಶಾಸಕ ದೇವೇಂದ್ರಪ್ಪ ಉದ್ಘಾಟಿಸುವರು. ಎಸ್.ಎಂ. ಲೋಕೇಶ್ ಅಧ್ಯಕ್ಷತೆ ವಹಿಸುವರು. ಶಾಸಕ ರಾಜಕಾರಣಿಗಳು ಹಾಗೂ ಜನಪ್ರತಿನಿಧಿಗಳು ಪಾಲ್ಗೊಳ್ಳುವರು. ಸಭೆಯಲ್ಲಿ ತಾಲೂಕು ಪಂಚಾಯತ್ ಇಒ, ಪಟ್ಟಣ ಪಂಚಾಯತ್ ಮುಖ್ಯಾಧಿಕಾರಿ, ಸಮಾಜದ ಮುಖಂಡರು, ವಿವಿಧ ಇಲಾಖೆಗಳ ಅಧಿಕಾರಿಗಳು ಉಪಸ್ಥಿತರಿದ್ದರು. ಎಲ್ಲಾ ಸಮುದಾಯದವರು ಜಯಂತಿ ಆಚರಣೆಯಲ್ಲಿ ಪಾಲ್ಗೊಂಡು ಯಶಸ್ವಿಗೊಳಿಸಬೇಕು ಎಂದು ಮನವಿ ಮಾಡಿದರು.
ವೈದ್ಯಕೀಯ ತಪಾಸಣಾ ಶಿಬಿರದಲ್ಲಿ ಡಾ. ಅಭಿಜಿತ್ ಶೆಟ್ಟಿ ಸಲಹೆ
ಆರೋಗ್ಯ ರಕ್ಷಣೆಗೆ ಆದ್ಯತೆ ನೀಡಬೇಕು
ಮಲೇಬೆನ್ನೂರು: ಗ್ರಾಮೀಣ ಪ್ರದೇಶದ ಜನರು ಆರೋಗ್ಯ ರಕ್ಷಣೆಗೆ ಆದ್ಯತೆ ನೀಡಬೇಕು ಎಂದು ಡಾ. ಅಭಿಜಿತ್ ಶೆಟ್ಟಿ ಸಲಹೆ ನೀಡಿದರು. ಪಟ್ಟಣದಲ್ಲಿ ಆಯೋಜಿಸಿದ್ದ ಉಚಿತ ವೈದ್ಯಕೀಯ ತಪಾಸಣಾ ಶಿಬಿರದಲ್ಲಿ ಅವರು ಮಾತನಾಡಿದರು. ಆಧುನಿಕ ಜೀವನಶೈಲಿಯಿಂದ ಮಧುಮೇಹ, ರಕ್ತದೊತ್ತಡ, ಹೃದಯ ಸಂಬಂಧಿ ಕಾಯಿಲೆಗಳು ಹೆಚ್ಚುತ್ತಿವೆ. ನಿಯಮಿತ ವ್ಯಾಯಾಮ, ಸಮತೋಲಿತ ಆಹಾರ ಸೇವನೆ ಮಾಡಬೇಕು.
» ನಾಟಿ ಔಷಧಿ ಬಳಸುವುದು ಅಪಾಯಕಾರಿ.
ಚಿಕಿತ್ಸೆಯನ್ನು ಪಡೆಯಬೇಕು. ರೋಗ ಪತ್ತೆಯಾದ ತಕ್ಷಣ ವೈದ್ಯರನ್ನು ಸಂಪರ್ಕಿಸಿ ಚಿಕಿತ್ಸೆ ಪಡೆಯುವುದರಿಂದ ದೊಡ್ಡ ಅಪಾಯ ತಪ್ಪಿಸಬಹುದು. ಶಿಬಿರದಲ್ಲಿ ನೂರಾರು ಜನರು ತಪಾಸಣೆ ಮಾಡಿಸಿಕೊಂಡರು. ಅಗತ್ಯವಿದ್ದವರಿಗೆ ಉಚಿತ ಔಷಧಿ ವಿತರಿಸಲಾಯಿತು.
ಬಿಪಿ, ಶುಗರ್, ಇಸಿಜಿ ಸೇರಿದಂತೆ ವಿವಿಧ ಪರೀಕ್ಷೆಗಳನ್ನು ನಡೆಸಲಾಯಿತು. ಕಾರ್ಯಕ್ರಮದಲ್ಲಿ ಸ್ಥಳೀಯ ಮುಖಂಡರು, ಆಸ್ಪತ್ರೆಯ ಸಿಬ್ಬಂದಿ ಹಾಗೂ ಸ್ವಯಂಸೇವಕರು ಹಾಜರಿದ್ದರು.
ಶಾಂತಿ ಸಭೆಯಲ್ಲಿ ಪೊಲೀಸ್ ಇನ್ಸ್‌ಪೆಕ್ಟರ್ ಸುನೀಲ್‌ಕುಮಾರ್ ಮನವಿ
ಸೌಹಾರ್ದತೆಯಿಂದ ಹಬ್ಬ ಆಚರಿಸಿ
ಹೊನ್ನಾಳಿ: ಹಿಂದೂಗಳ ಪವಿತ್ರ ಹಬ್ಬ ಯುಗಾದಿ, ಹೋಳಿ ಹುಣ್ಣಿಮೆ ಹಾಗೂ ಮುಸ್ಲಿಂ ಬಾಂಧವರ ರಂಜಾನ್ ಹಬ್ಬಗಳು ಹತ್ತಿರ ಬರುತ್ತಿದ್ದು, ಎಲ್ಲರೂ ಸೌಹಾರ್ದತೆಯಿಂದ ಹಬ್ಬ ಆಚರಿಸಬೇಕು ಎಂದು ಪೊಲೀಸ್ ಇನ್ಸ್‌ಪೆಕ್ಟರ್ ಸುನೀಲ್‌ಕುಮಾರ್ ಮನವಿ ಮಾಡಿದರು. ಪೊಲೀಸ್ ಠಾಣೆಯ ಆವರಣದಲ್ಲಿ ನಡೆದ ಶಾಂತಿ ಸಭೆಯಲ್ಲಿ ಅವರು ಮಾತನಾಡಿದರು.
» ರಾಗ, ದ್ವೇಷ ಕಳೆದು ಶಾಂತಿಯಿಂದ ಹಬ್ಬವನ್ನು ಆಚರಿಸಿ.
ಯಾವುದೇ ಹಬ್ಬ, ಕಾರ್ಯಕ್ರಮಗಳು ನಡೆಯುವಾಗ ಪರಸ್ಪರ ಸಹಕಾರ ಅಗತ್ಯ. ಸಾಮಾಜಿಕ ಜಾಲತಾಣಗಳಲ್ಲಿ ಬರುವ ಸುಳ್ಳು ಸುದ್ದಿಗಳನ್ನು ನಂಬಬಾರದು. ಹೊನ್ನಾಳಿ ನಗರ ಹಾಗೂ ಗ್ರಾಮಗಳಲ್ಲಿ ಶಾಂತಿ ಕಾಪಾಡಲು ಎಲ್ಲರೂ ಸಹಕರಿಸಬೇಕು.
ಕೋಮುಗಲಭೆ ಸೃಷ್ಟಿಸುವ ಕಿಡಿಗೇಡಿಗಳ ಬಗ್ಗೆ ಪೊಲೀಸರಿಗೆ ಮಾಹಿತಿ ನೀಡಬೇಕು. ಸಭೆಯಲ್ಲಿ ಹಿಂದೂ-ಮುಸ್ಲಿಂ ಸಮುದಾಯದ ಮುಖಂಡರು, ಜನಪ್ರತಿನಿಧಿಗಳು ಹಾಜರಿದ್ದರು.
